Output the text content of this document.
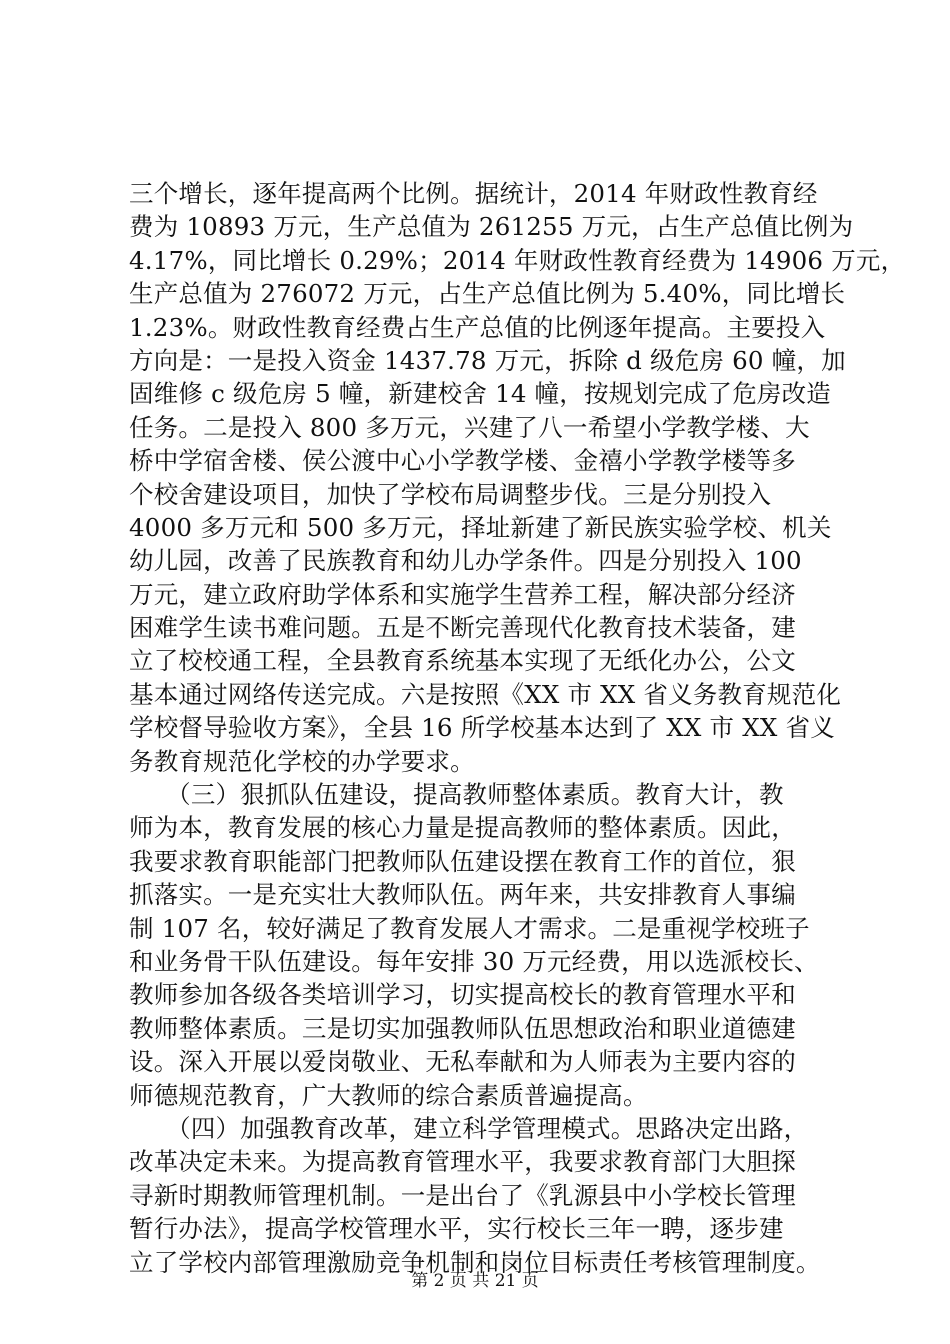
三个增长，逐年提高两个比例。据统计，2014 年财政性教育经
费为 10893 万元，生产总值为 261255 万元，占生产总值比例为
4.17%，同比增长 0.29%；2014 年财政性教育经费为 14906 万元，
生产总值为 276072 万元，占生产总值比例为 5.40%，同比增长
1.23%。财政性教育经费占生产总值的比例逐年提高。主要投入
方向是：一是投入资金 1437.78 万元，拆除 d 级危房 60 幢，加
固维修 c 级危房 5 幢，新建校舍 14 幢，按规划完成了危房改造
任务。二是投入 800 多万元，兴建了八一希望小学教学楼、大
桥中学宿舍楼、侯公渡中心小学教学楼、金禧小学教学楼等多
个校舍建设项目，加快了学校布局调整步伐。三是分别投入
4000 多万元和 500 多万元，择址新建了新民族实验学校、机关
幼儿园，改善了民族教育和幼儿办学条件。四是分别投入 100
万元，建立政府助学体系和实施学生营养工程，解决部分经济
困难学生读书难问题。五是不断完善现代化教育技术装备，建
立了校校通工程，全县教育系统基本实现了无纸化办公，公文
基本通过网络传送完成。六是按照《XX 市 XX 省义务教育规范化
学校督导验收方案》，全县 16 所学校基本达到了 XX 市 XX 省义
务教育规范化学校的办学要求。
　　（三）狠抓队伍建设，提高教师整体素质。教育大计，教
师为本，教育发展的核心力量是提高教师的整体素质。因此，
我要求教育职能部门把教师队伍建设摆在教育工作的首位，狠
抓落实。一是充实壮大教师队伍。两年来，共安排教育人事编
制 107 名，较好满足了教育发展人才需求。二是重视学校班子
和业务骨干队伍建设。每年安排 30 万元经费，用以选派校长、
教师参加各级各类培训学习，切实提高校长的教育管理水平和
教师整体素质。三是切实加强教师队伍思想政治和职业道德建
设。深入开展以爱岗敬业、无私奉献和为人师表为主要内容的
师德规范教育，广大教师的综合素质普遍提高。
　　（四）加强教育改革，建立科学管理模式。思路决定出路，
改革决定未来。为提高教育管理水平，我要求教育部门大胆探
寻新时期教师管理机制。一是出台了《乳源县中小学校长管理
暂行办法》，提高学校管理水平，实行校长三年一聘，逐步建
立了学校内部管理激励竞争机制和岗位目标责任考核管理制度。
第 2 页 共 21 页
